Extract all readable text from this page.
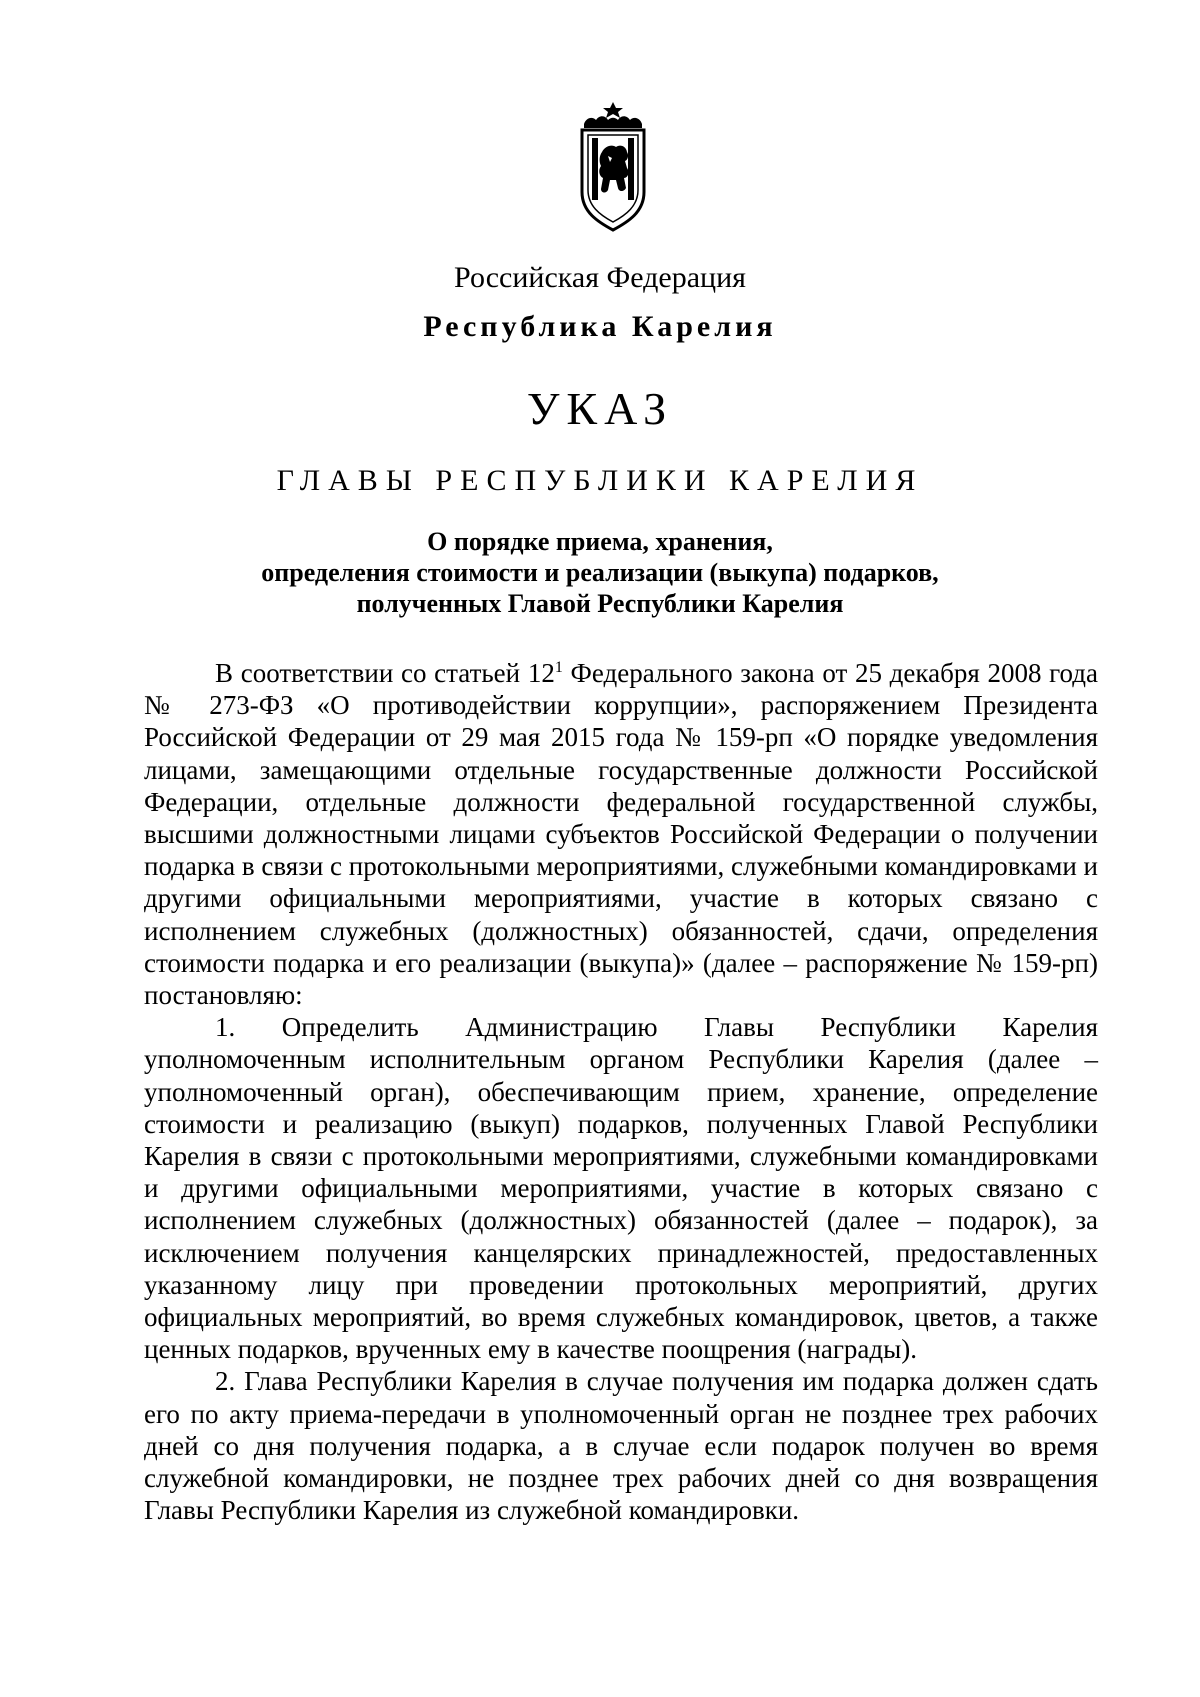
Российская Федерация
Республика Карелия
УКАЗ
ГЛАВЫ РЕСПУБЛИКИ КАРЕЛИЯ
О порядке приема, хранения,
определения стоимости и реализации (выкупа) подарков,
полученных Главой Республики Карелия

В соответствии со статьей $12^1$ Федерального закона от 25 декабря 2008 года № 273-ФЗ «О противодействии коррупции», распоряжением Президента Российской Федерации от 29 мая 2015 года № 159-рп «О порядке уведомления лицами, замещающими отдельные государственные должности Российской Федерации, отдельные должности федеральной государственной службы, высшими должностными лицами субъектов Российской Федерации о получении подарка в связи с протокольными мероприятиями, служебными командировками и другими официальными мероприятиями, участие в которых связано с исполнением служебных (должностных) обязанностей, сдачи, определения стоимости подарка и его реализации (выкупа)» (далее – распоряжение № 159-рп) постановляю:

1. Определить Администрацию Главы Республики Карелия уполномоченным исполнительным органом Республики Карелия (далее – уполномоченный орган), обеспечивающим прием, хранение, определение стоимости и реализацию (выкуп) подарков, полученных Главой Республики Карелия в связи с протокольными мероприятиями, служебными командировками и другими официальными мероприятиями, участие в которых связано с исполнением служебных (должностных) обязанностей (далее – подарок), за исключением получения канцелярских принадлежностей, предоставленных указанному лицу при проведении протокольных мероприятий, других официальных мероприятий, во время служебных командировок, цветов, а также ценных подарков, врученных ему в качестве поощрения (награды).

2. Глава Республики Карелия в случае получения им подарка должен сдать его по акту приема-передачи в уполномоченный орган не позднее трех рабочих дней со дня получения подарка, а в случае если подарок получен во время служебной командировки, не позднее трех рабочих дней со дня возвращения Главы Республики Карелия из служебной командировки.
